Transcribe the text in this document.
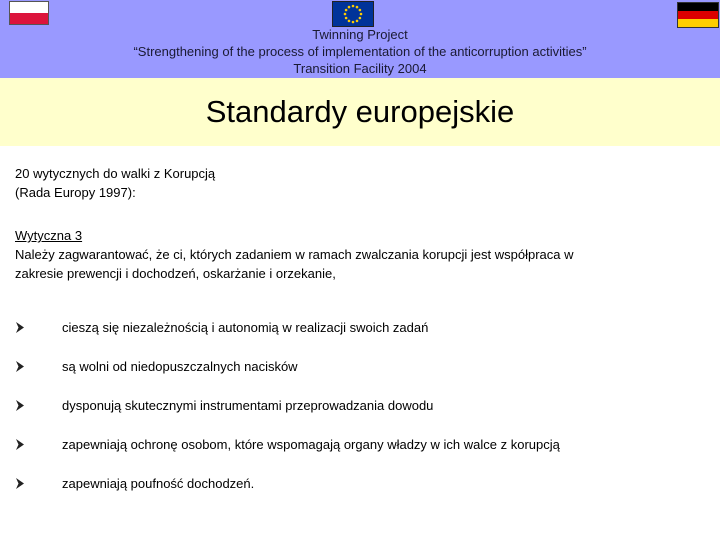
Twinning Project
“Strengthening of the process of implementation of the anticorruption activities”
Transition Facility 2004
Standardy europejskie
20 wytycznych do walki z Korupcją
(Rada Europy 1997):
Wytyczna 3
Należy zagwarantować, że ci, których zadaniem w ramach zwalczania korupcji jest współpraca w
zakresie prewencji i dochodzeń, oskarżanie i orzekanie,
cieszą się niezależnością i autonomią w realizacji swoich zadań
są wolni od niedopuszczalnych nacisków
dysponują skutecznymi instrumentami przeprowadzania dowodu
zapewniają ochronę osobom, które wspomagają organy władzy w ich walce z korupcją
zapewniają poufność dochodzeń.
